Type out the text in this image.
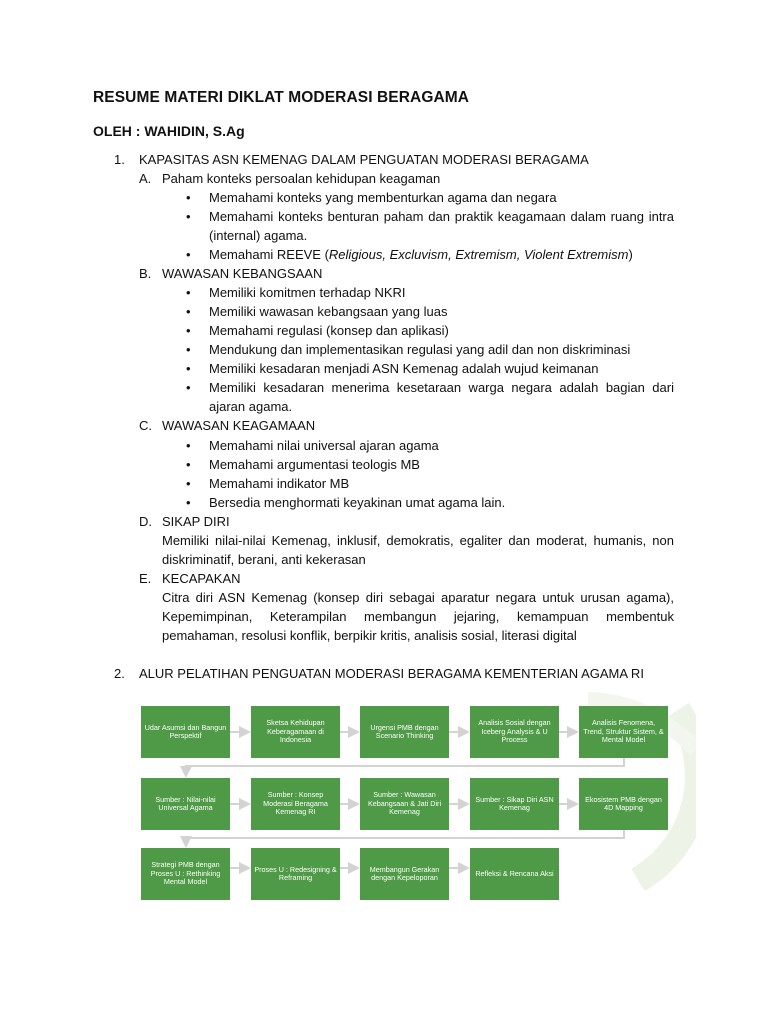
RESUME MATERI DIKLAT MODERASI BERAGAMA
OLEH : WAHIDIN, S.Ag
1. KAPASITAS ASN KEMENAG DALAM PENGUATAN MODERASI BERAGAMA
A. Paham konteks persoalan kehidupan keagaman
• Memahami konteks yang membenturkan agama dan negara
• Memahami konteks benturan paham dan praktik keagamaan dalam ruang intra
(internal) agama.
• Memahami REEVE (Religious, Excluvism, Extremism, Violent Extremism)
B. WAWASAN KEBANGSAAN
• Memiliki komitmen terhadap NKRI
• Memiliki wawasan kebangsaan yang luas
• Memahami regulasi (konsep dan aplikasi)
• Mendukung dan implementasikan regulasi yang adil dan non diskriminasi
• Memiliki kesadaran menjadi ASN Kemenag adalah wujud keimanan
• Memiliki kesadaran menerima kesetaraan warga negara adalah bagian dari
ajaran agama.
C. WAWASAN KEAGAMAAN
• Memahami nilai universal ajaran agama
• Memahami argumentasi teologis MB
• Memahami indikator MB
• Bersedia menghormati keyakinan umat agama lain.
D. SIKAP DIRI
Memiliki nilai-nilai Kemenag, inklusif, demokratis, egaliter dan moderat, humanis, non
diskriminatif, berani, anti kekerasan
E. KECAPAKAN
Citra diri ASN Kemenag (konsep diri sebagai aparatur negara untuk urusan agama),
Kepemimpinan, Keterampilan membangun jejaring, kemampuan membentuk
pemahaman, resolusi konflik, berpikir kritis, analisis sosial, literasi digital
2. ALUR PELATIHAN PENGUATAN MODERASI BERAGAMA KEMENTERIAN AGAMA RI
Udar Asumsi dan Bangun Perspektif
Sketsa Kehidupan Keberagamaan di Indonesia
Urgensi PMB dengan Scenario Thinking
Analisis Sosial dengan Iceberg Analysis & U Process
Analisis Fenomena, Trend, Struktur Sistem, & Mental Model
Sumber : Nilai-nilai Universal Agama
Sumber : Konsep Moderasi Beragama Kemenag RI
Sumber : Wawasan Kebangsaan & Jati Diri Kemenag
Sumber : Sikap Diri ASN Kemenag
Ekosistem PMB dengan 4D Mapping
Strategi PMB dengan Proses U : Rethinking Mental Model
Proses U : Redesigning & Reframing
Membangun Gerakan dengan Kepeloporan	Refleksi & Rencana Aksi
